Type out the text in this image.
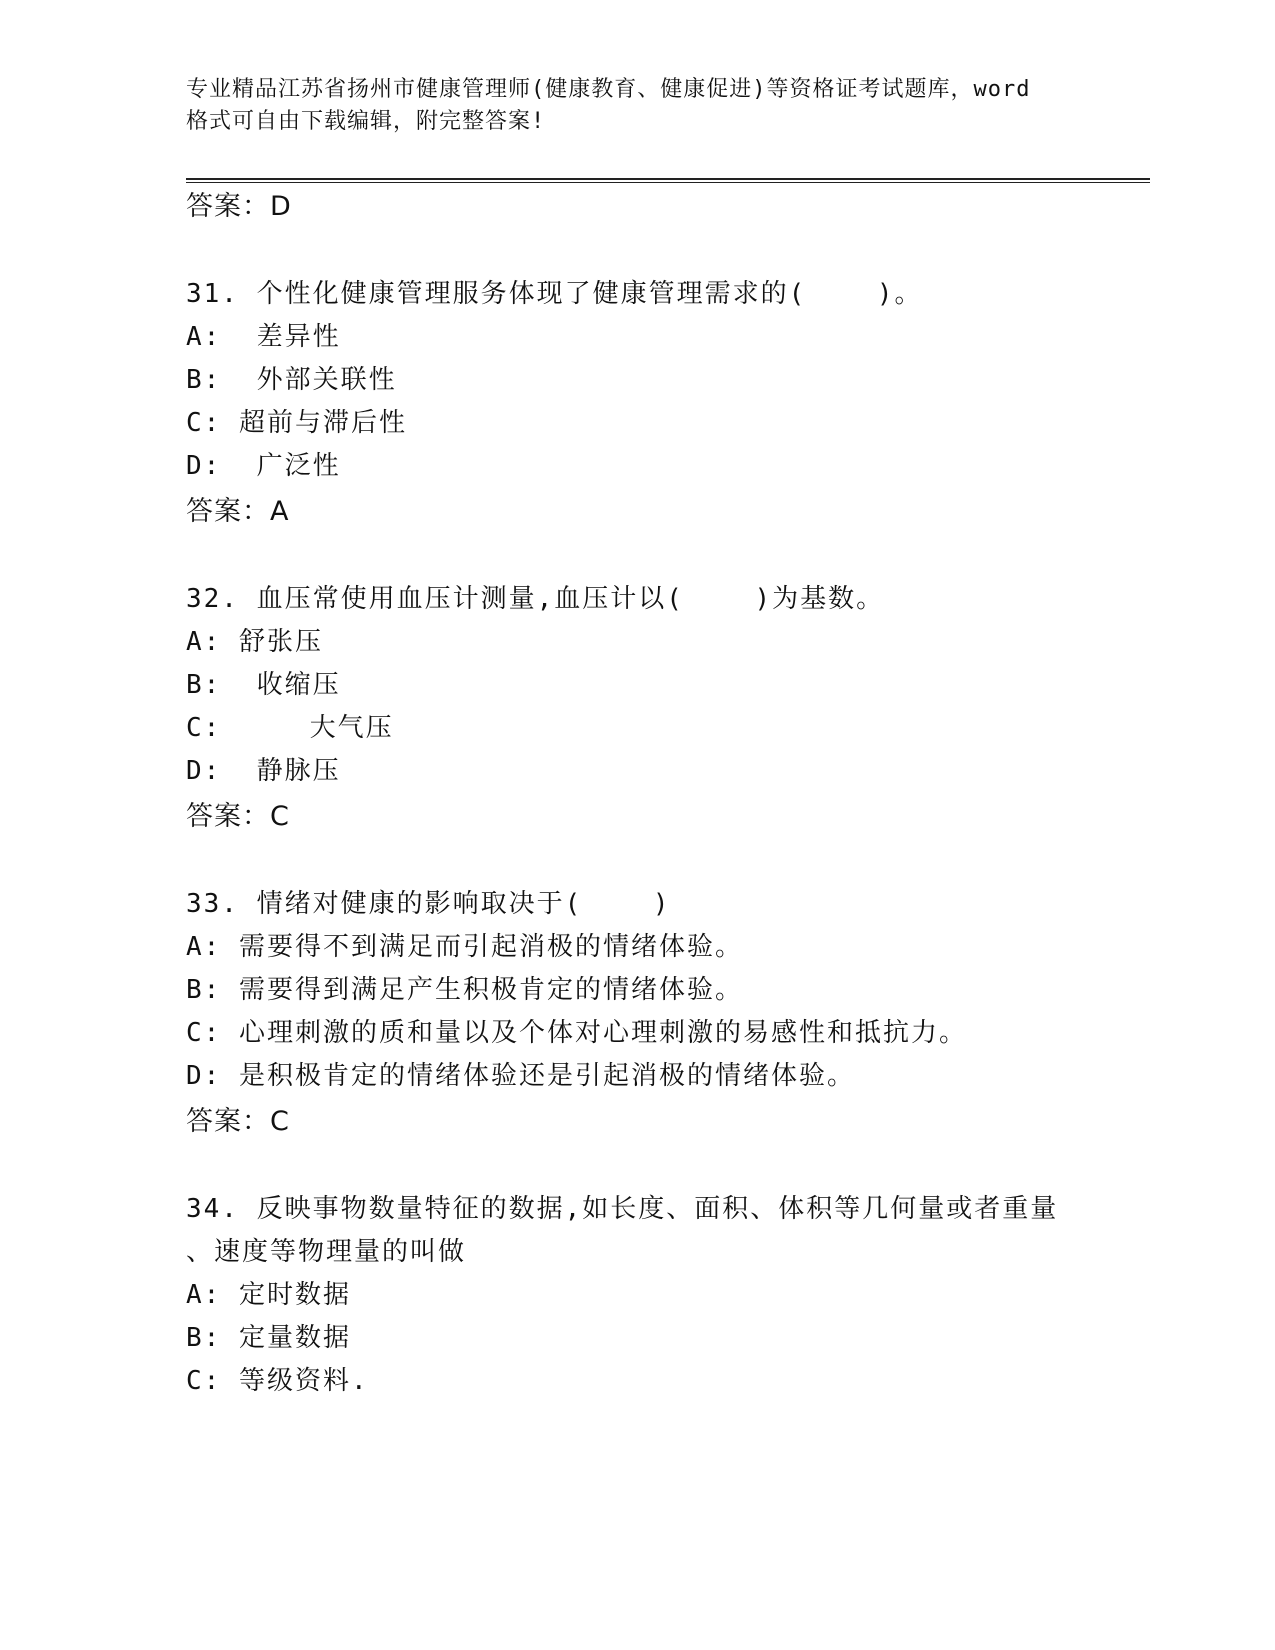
专业精品江苏省扬州市健康管理师(健康教育、健康促进)等资格证考试题库，word
格式可自由下载编辑，附完整答案!
答案：D
31. 个性化健康管理服务体现了健康管理需求的(    )。
A:  差异性
B:  外部关联性
C: 超前与滞后性
D:  广泛性
答案：A
32. 血压常使用血压计测量,血压计以(    )为基数。
A: 舒张压
B:  收缩压
C:     大气压
D:  静脉压
答案：C
33. 情绪对健康的影响取决于(    )
A: 需要得不到满足而引起消极的情绪体验。
B: 需要得到满足产生积极肯定的情绪体验。
C: 心理刺激的质和量以及个体对心理刺激的易感性和抵抗力。
D: 是积极肯定的情绪体验还是引起消极的情绪体验。
答案：C
34. 反映事物数量特征的数据,如长度、面积、体积等几何量或者重量
、速度等物理量的叫做
A: 定时数据
B: 定量数据
C: 等级资料.
